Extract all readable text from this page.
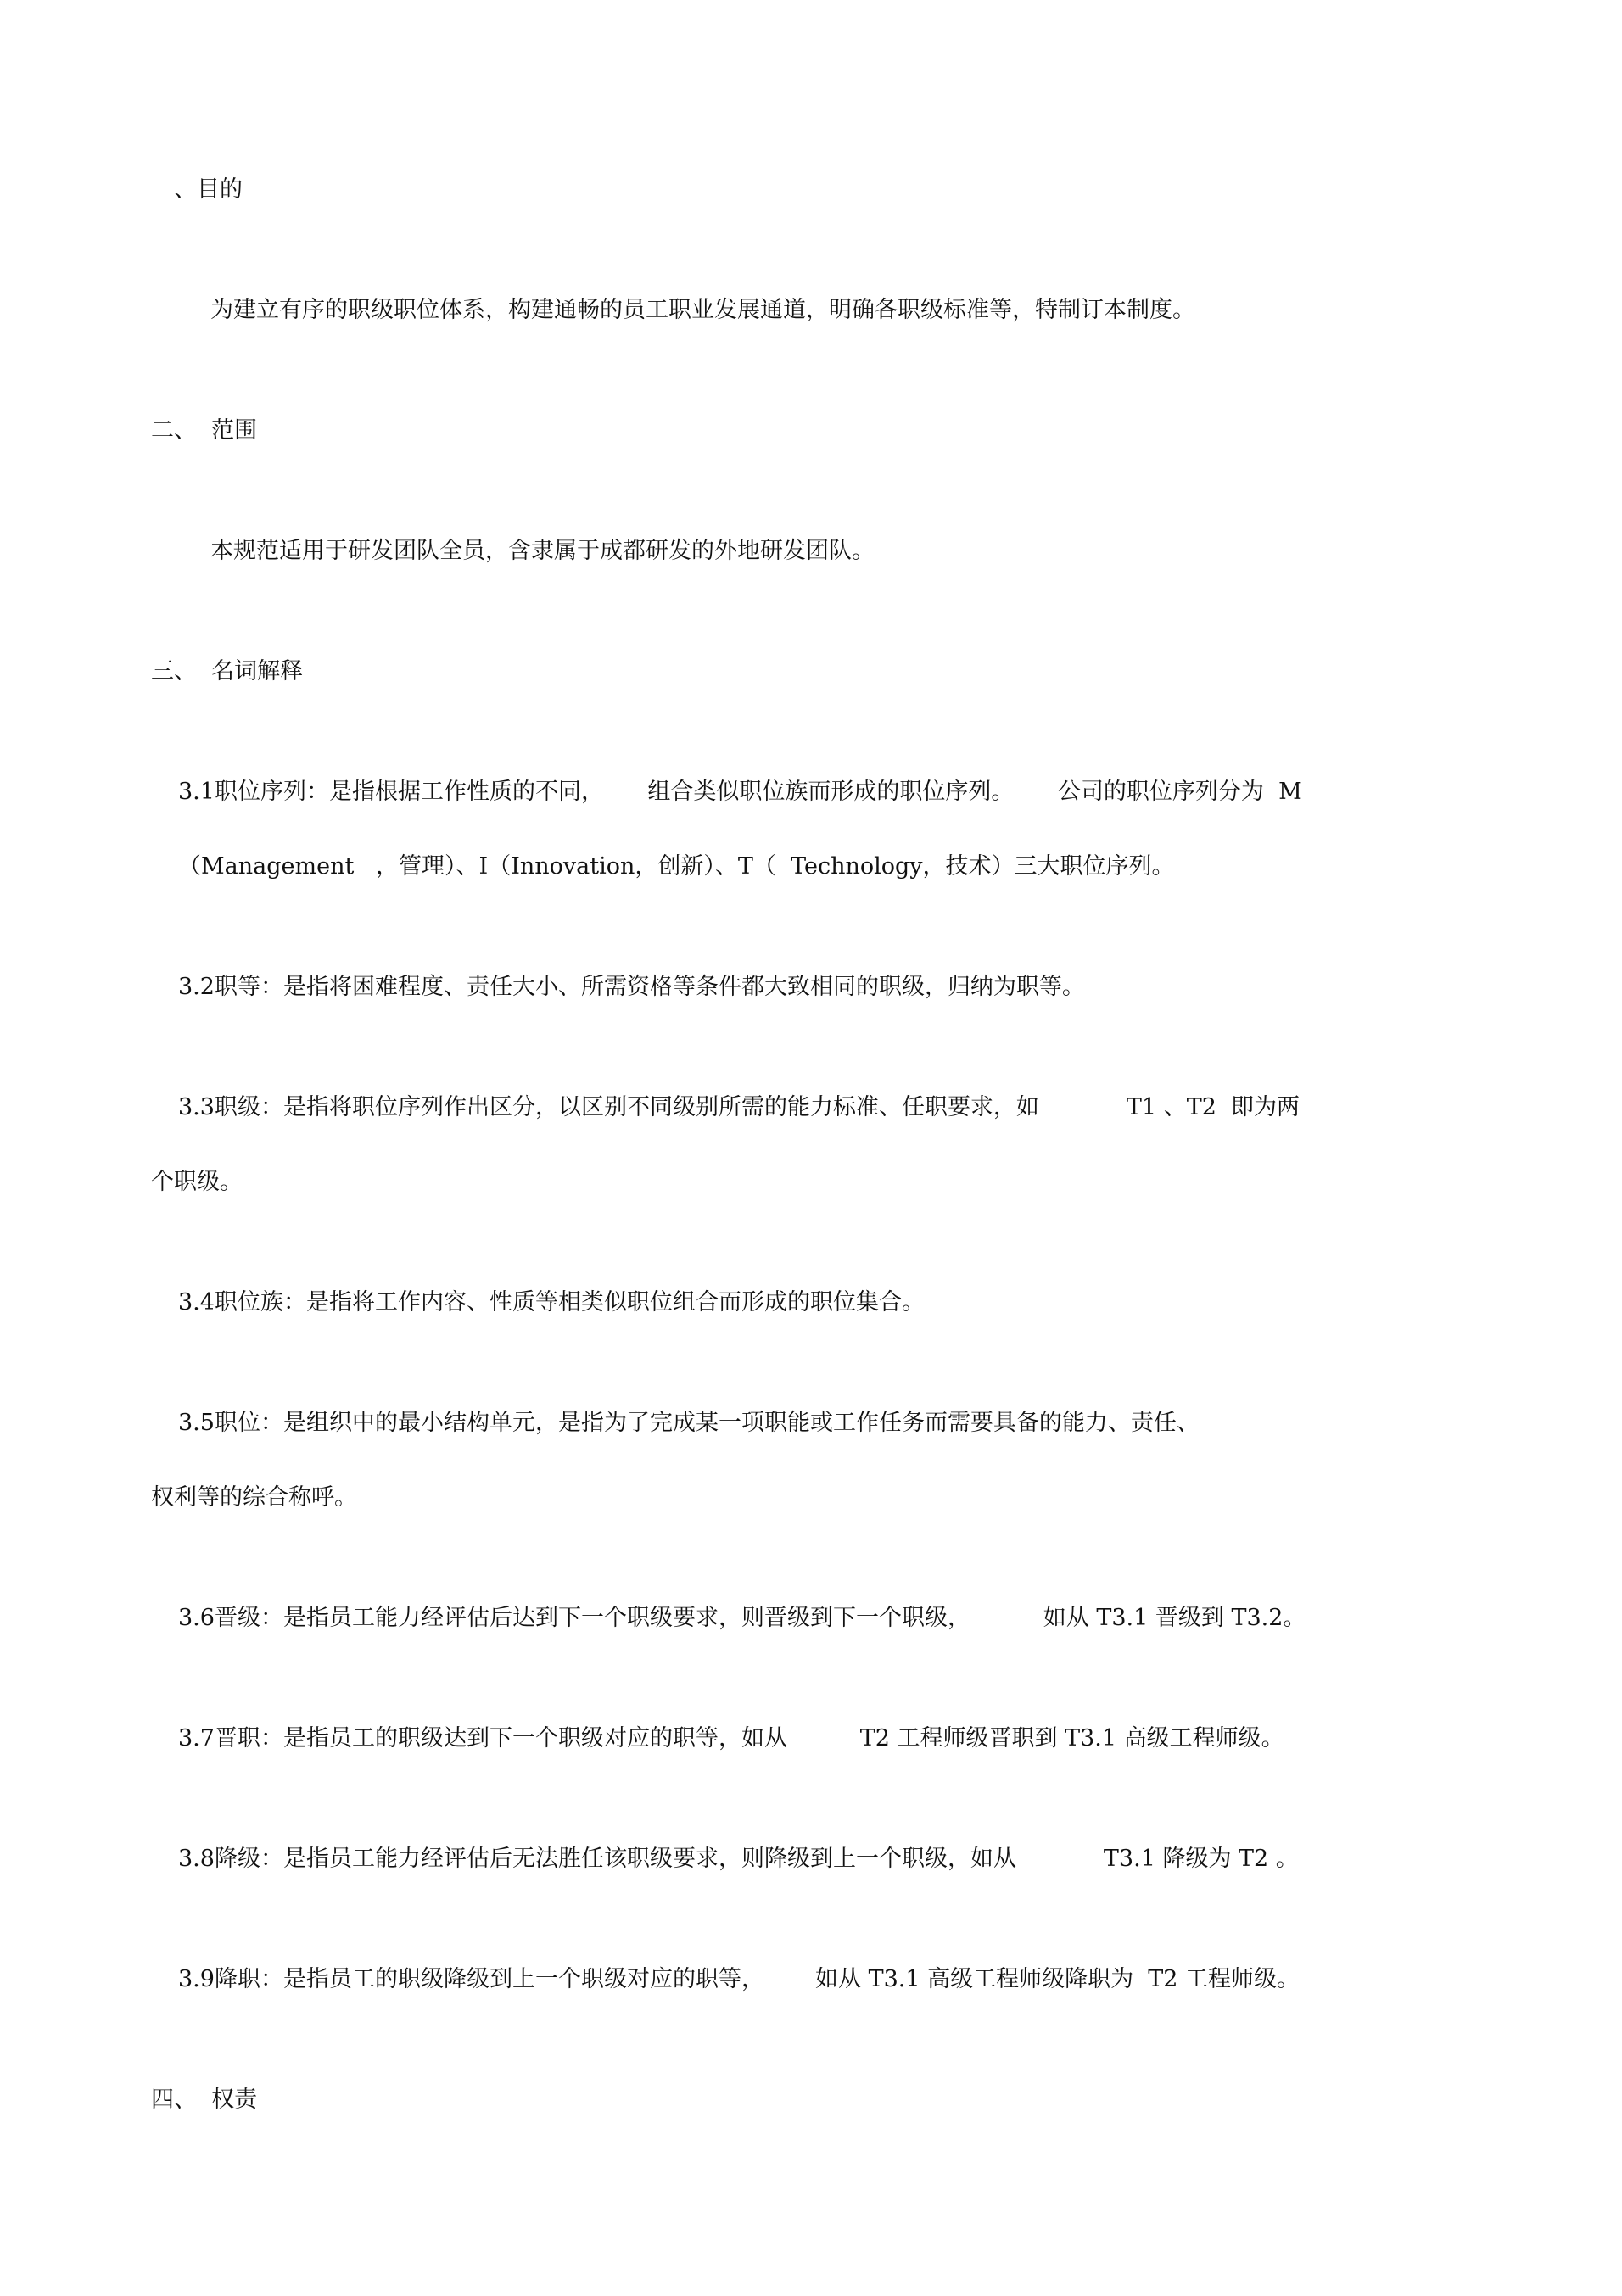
、目的

为建立有序的职级职位体系，构建通畅的员工职业发展通道，明确各职级标准等，特制订本制度。

二、  范围

本规范适用于研发团队全员，含隶属于成都研发的外地研发团队。

三、  名词解释

3.1职位序列：是指根据工作性质的不同，      组合类似职位族而形成的职位序列。      公司的职位序列分为  M

（Management   ，管理）、I（Innovation，创新）、T（  Technology，技术）三大职位序列。

3.2职等：是指将困难程度、责任大小、所需资格等条件都大致相同的职级，归纳为职等。

3.3职级：是指将职位序列作出区分，以区别不同级别所需的能力标准、任职要求，如            T1 、T2  即为两

个职级。

3.4职位族：是指将工作内容、性质等相类似职位组合而形成的职位集合。

3.5职位：是组织中的最小结构单元，是指为了完成某一项职能或工作任务而需要具备的能力、责任、

权利等的综合称呼。

3.6晋级：是指员工能力经评估后达到下一个职级要求，则晋级到下一个职级，          如从 T3.1 晋级到 T3.2。

3.7晋职：是指员工的职级达到下一个职级对应的职等，如从          T2 工程师级晋职到 T3.1 高级工程师级。

3.8降级：是指员工能力经评估后无法胜任该职级要求，则降级到上一个职级，如从            T3.1 降级为 T2 。

3.9降职：是指员工的职级降级到上一个职级对应的职等，       如从 T3.1 高级工程师级降职为  T2 工程师级。

四、  权责
